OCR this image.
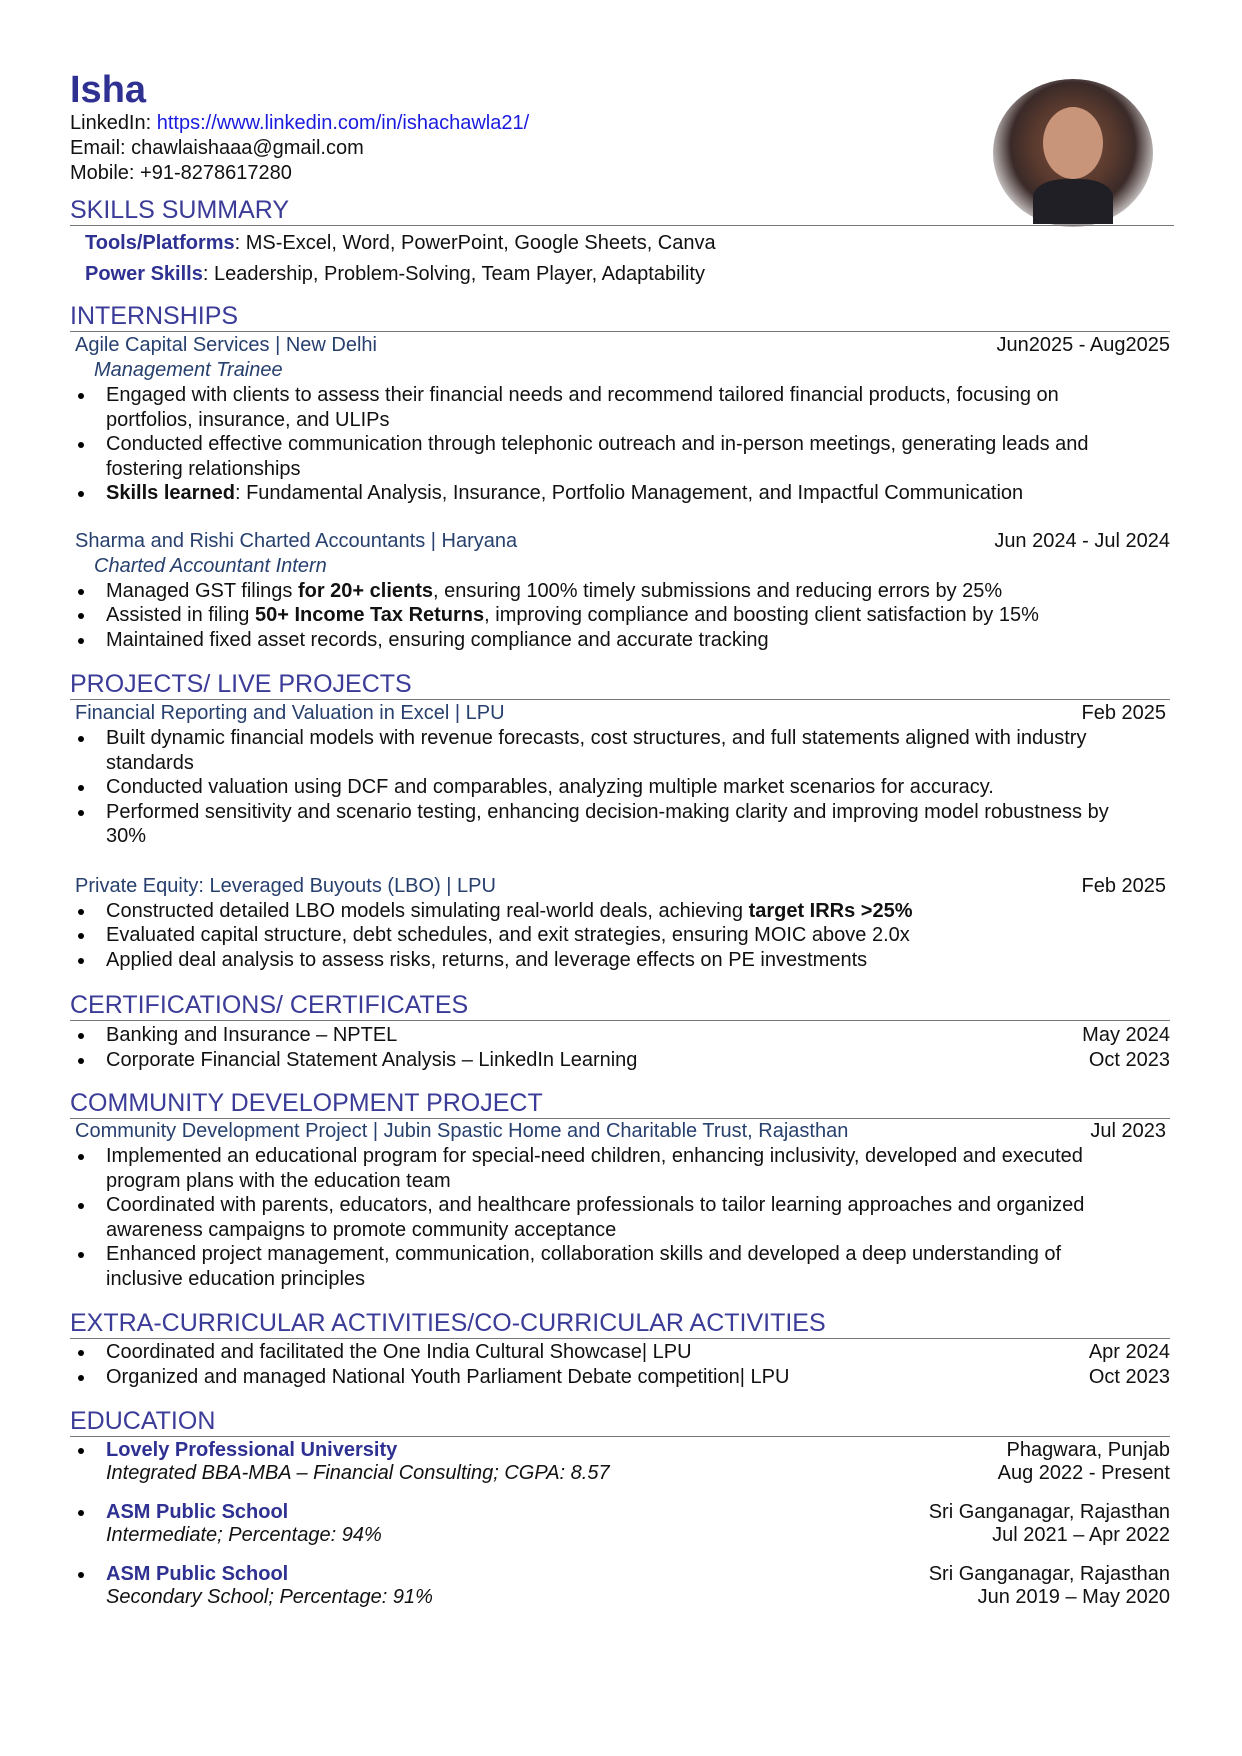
Isha
LinkedIn: https://www.linkedin.com/in/ishachawla21/
Email: chawlaishaaa@gmail.com
Mobile: +91-8278617280
SKILLS SUMMARY
Tools/Platforms: MS-Excel, Word, PowerPoint, Google Sheets, Canva
Power Skills: Leadership, Problem-Solving, Team Player, Adaptability
INTERNSHIPS
Agile Capital Services | New Delhi	Jun2025 - Aug2025
Management Trainee
Engaged with clients to assess their financial needs and recommend tailored financial products, focusing on
portfolios, insurance, and ULIPs
Conducted effective communication through telephonic outreach and in-person meetings, generating leads and
fostering relationships
Skills learned: Fundamental Analysis, Insurance, Portfolio Management, and Impactful Communication
Sharma and Rishi Charted Accountants | Haryana	Jun 2024 - Jul 2024
Charted Accountant Intern
Managed GST filings for 20+ clients, ensuring 100% timely submissions and reducing errors by 25%
Assisted in filing 50+ Income Tax Returns, improving compliance and boosting client satisfaction by 15%
Maintained fixed asset records, ensuring compliance and accurate tracking
PROJECTS/ LIVE PROJECTS
Financial Reporting and Valuation in Excel | LPU	Feb 2025
Built dynamic financial models with revenue forecasts, cost structures, and full statements aligned with industry
standards
Conducted valuation using DCF and comparables, analyzing multiple market scenarios for accuracy.
Performed sensitivity and scenario testing, enhancing decision-making clarity and improving model robustness by
30%
Private Equity: Leveraged Buyouts (LBO) | LPU	Feb 2025
Constructed detailed LBO models simulating real-world deals, achieving target IRRs >25%
Evaluated capital structure, debt schedules, and exit strategies, ensuring MOIC above 2.0x
Applied deal analysis to assess risks, returns, and leverage effects on PE investments
CERTIFICATIONS/ CERTIFICATES
Banking and Insurance – NPTEL	May 2024
Corporate Financial Statement Analysis – LinkedIn Learning	Oct 2023
COMMUNITY DEVELOPMENT PROJECT
Community Development Project | Jubin Spastic Home and Charitable Trust, Rajasthan	Jul 2023
Implemented an educational program for special-need children, enhancing inclusivity, developed and executed
program plans with the education team
Coordinated with parents, educators, and healthcare professionals to tailor learning approaches and organized
awareness campaigns to promote community acceptance
Enhanced project management, communication, collaboration skills and developed a deep understanding of
inclusive education principles
EXTRA-CURRICULAR ACTIVITIES/CO-CURRICULAR ACTIVITIES
Coordinated and facilitated the One India Cultural Showcase| LPU	Apr 2024
Organized and managed National Youth Parliament Debate competition| LPU	Oct 2023
EDUCATION
Lovely Professional University	Phagwara, Punjab
Integrated BBA-MBA – Financial Consulting; CGPA: 8.57	Aug 2022 - Present
ASM Public School	Sri Ganganagar, Rajasthan
Intermediate; Percentage: 94%	Jul 2021 – Apr 2022
ASM Public School	Sri Ganganagar, Rajasthan
Secondary School; Percentage: 91%	Jun 2019 – May 2020
